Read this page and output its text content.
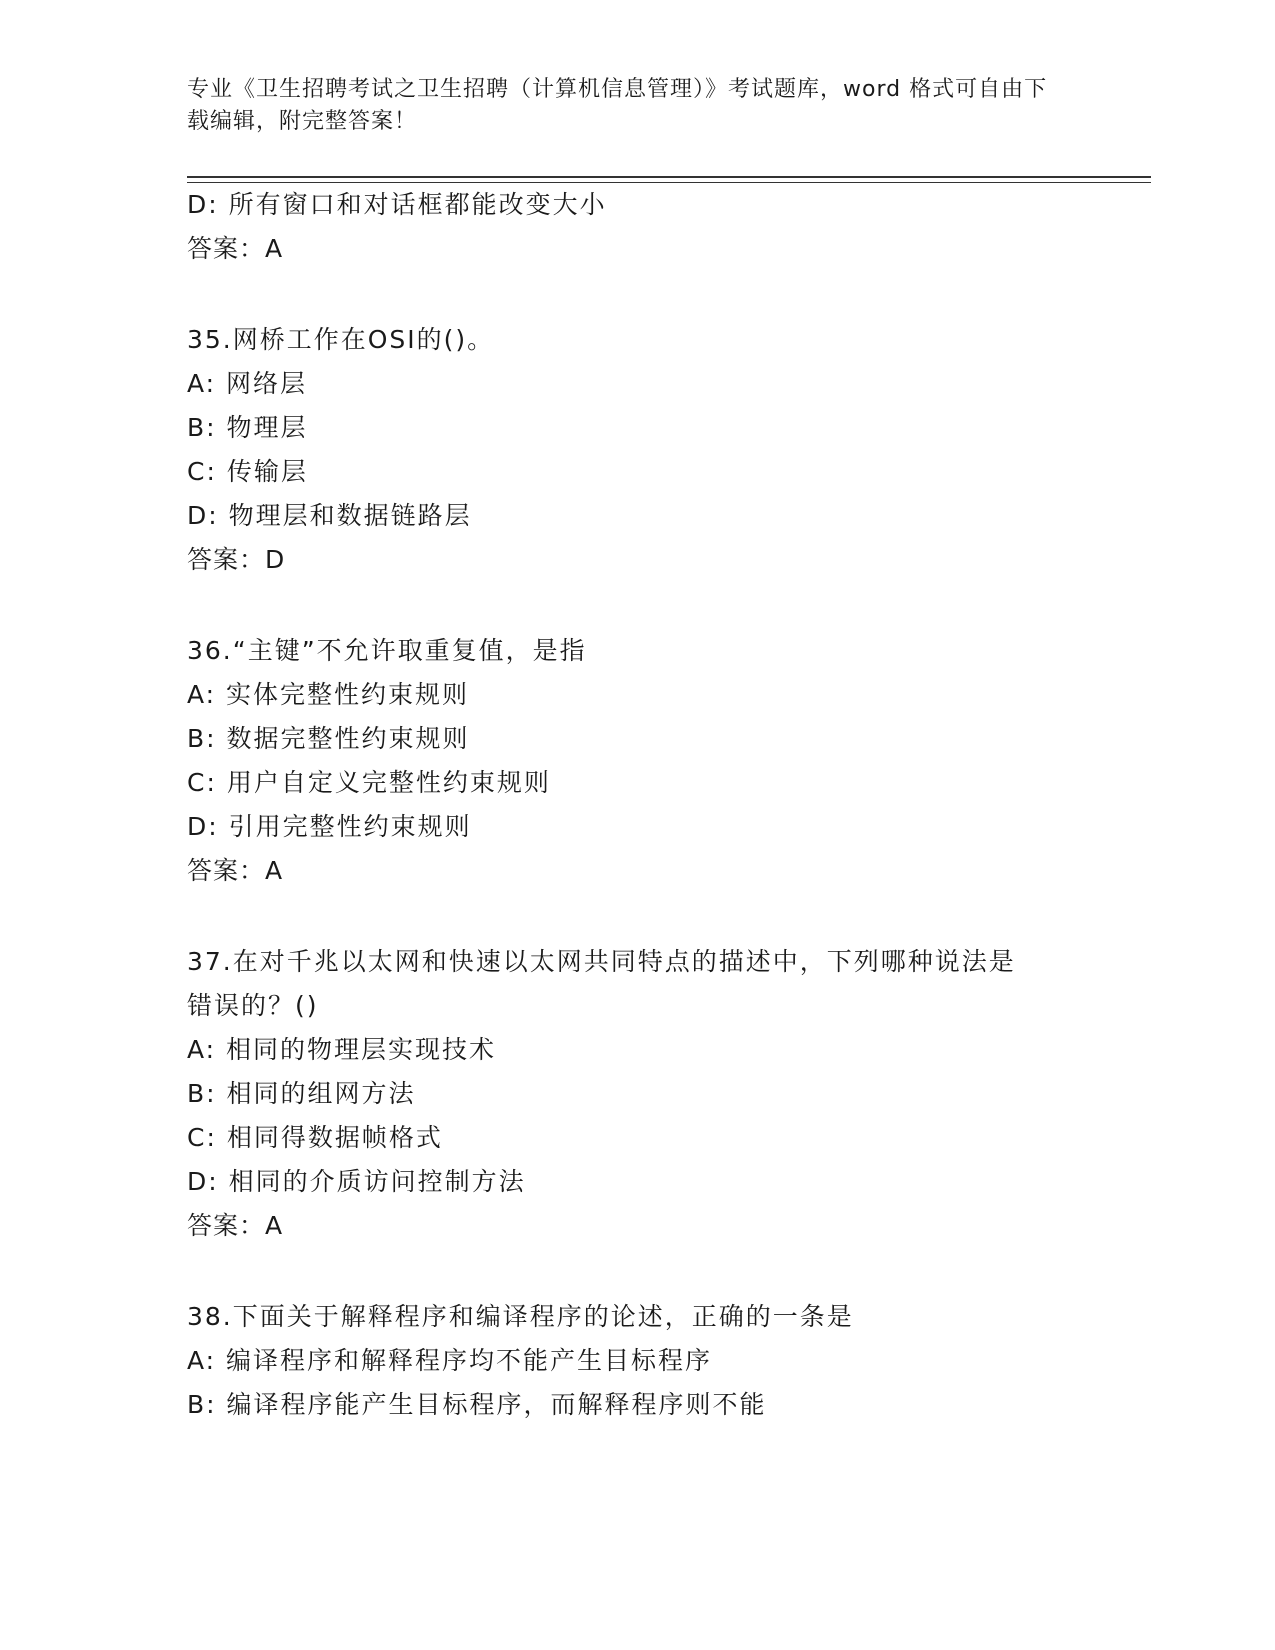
专业《卫生招聘考试之卫生招聘（计算机信息管理）》考试题库，word 格式可自由下载编辑，附完整答案！
D: 所有窗口和对话框都能改变大小
答案：A
35.网桥工作在OSI的()。
A: 网络层
B: 物理层
C: 传输层
D: 物理层和数据链路层
答案：D
36.“主键”不允许取重复值，是指
A: 实体完整性约束规则
B: 数据完整性约束规则
C: 用户自定义完整性约束规则
D: 引用完整性约束规则
答案：A
37.在对千兆以太网和快速以太网共同特点的描述中，下列哪种说法是
错误的？()
A: 相同的物理层实现技术
B: 相同的组网方法
C: 相同得数据帧格式
D: 相同的介质访问控制方法
答案：A
38.下面关于解释程序和编译程序的论述，正确的一条是
A: 编译程序和解释程序均不能产生目标程序
B: 编译程序能产生目标程序，而解释程序则不能
